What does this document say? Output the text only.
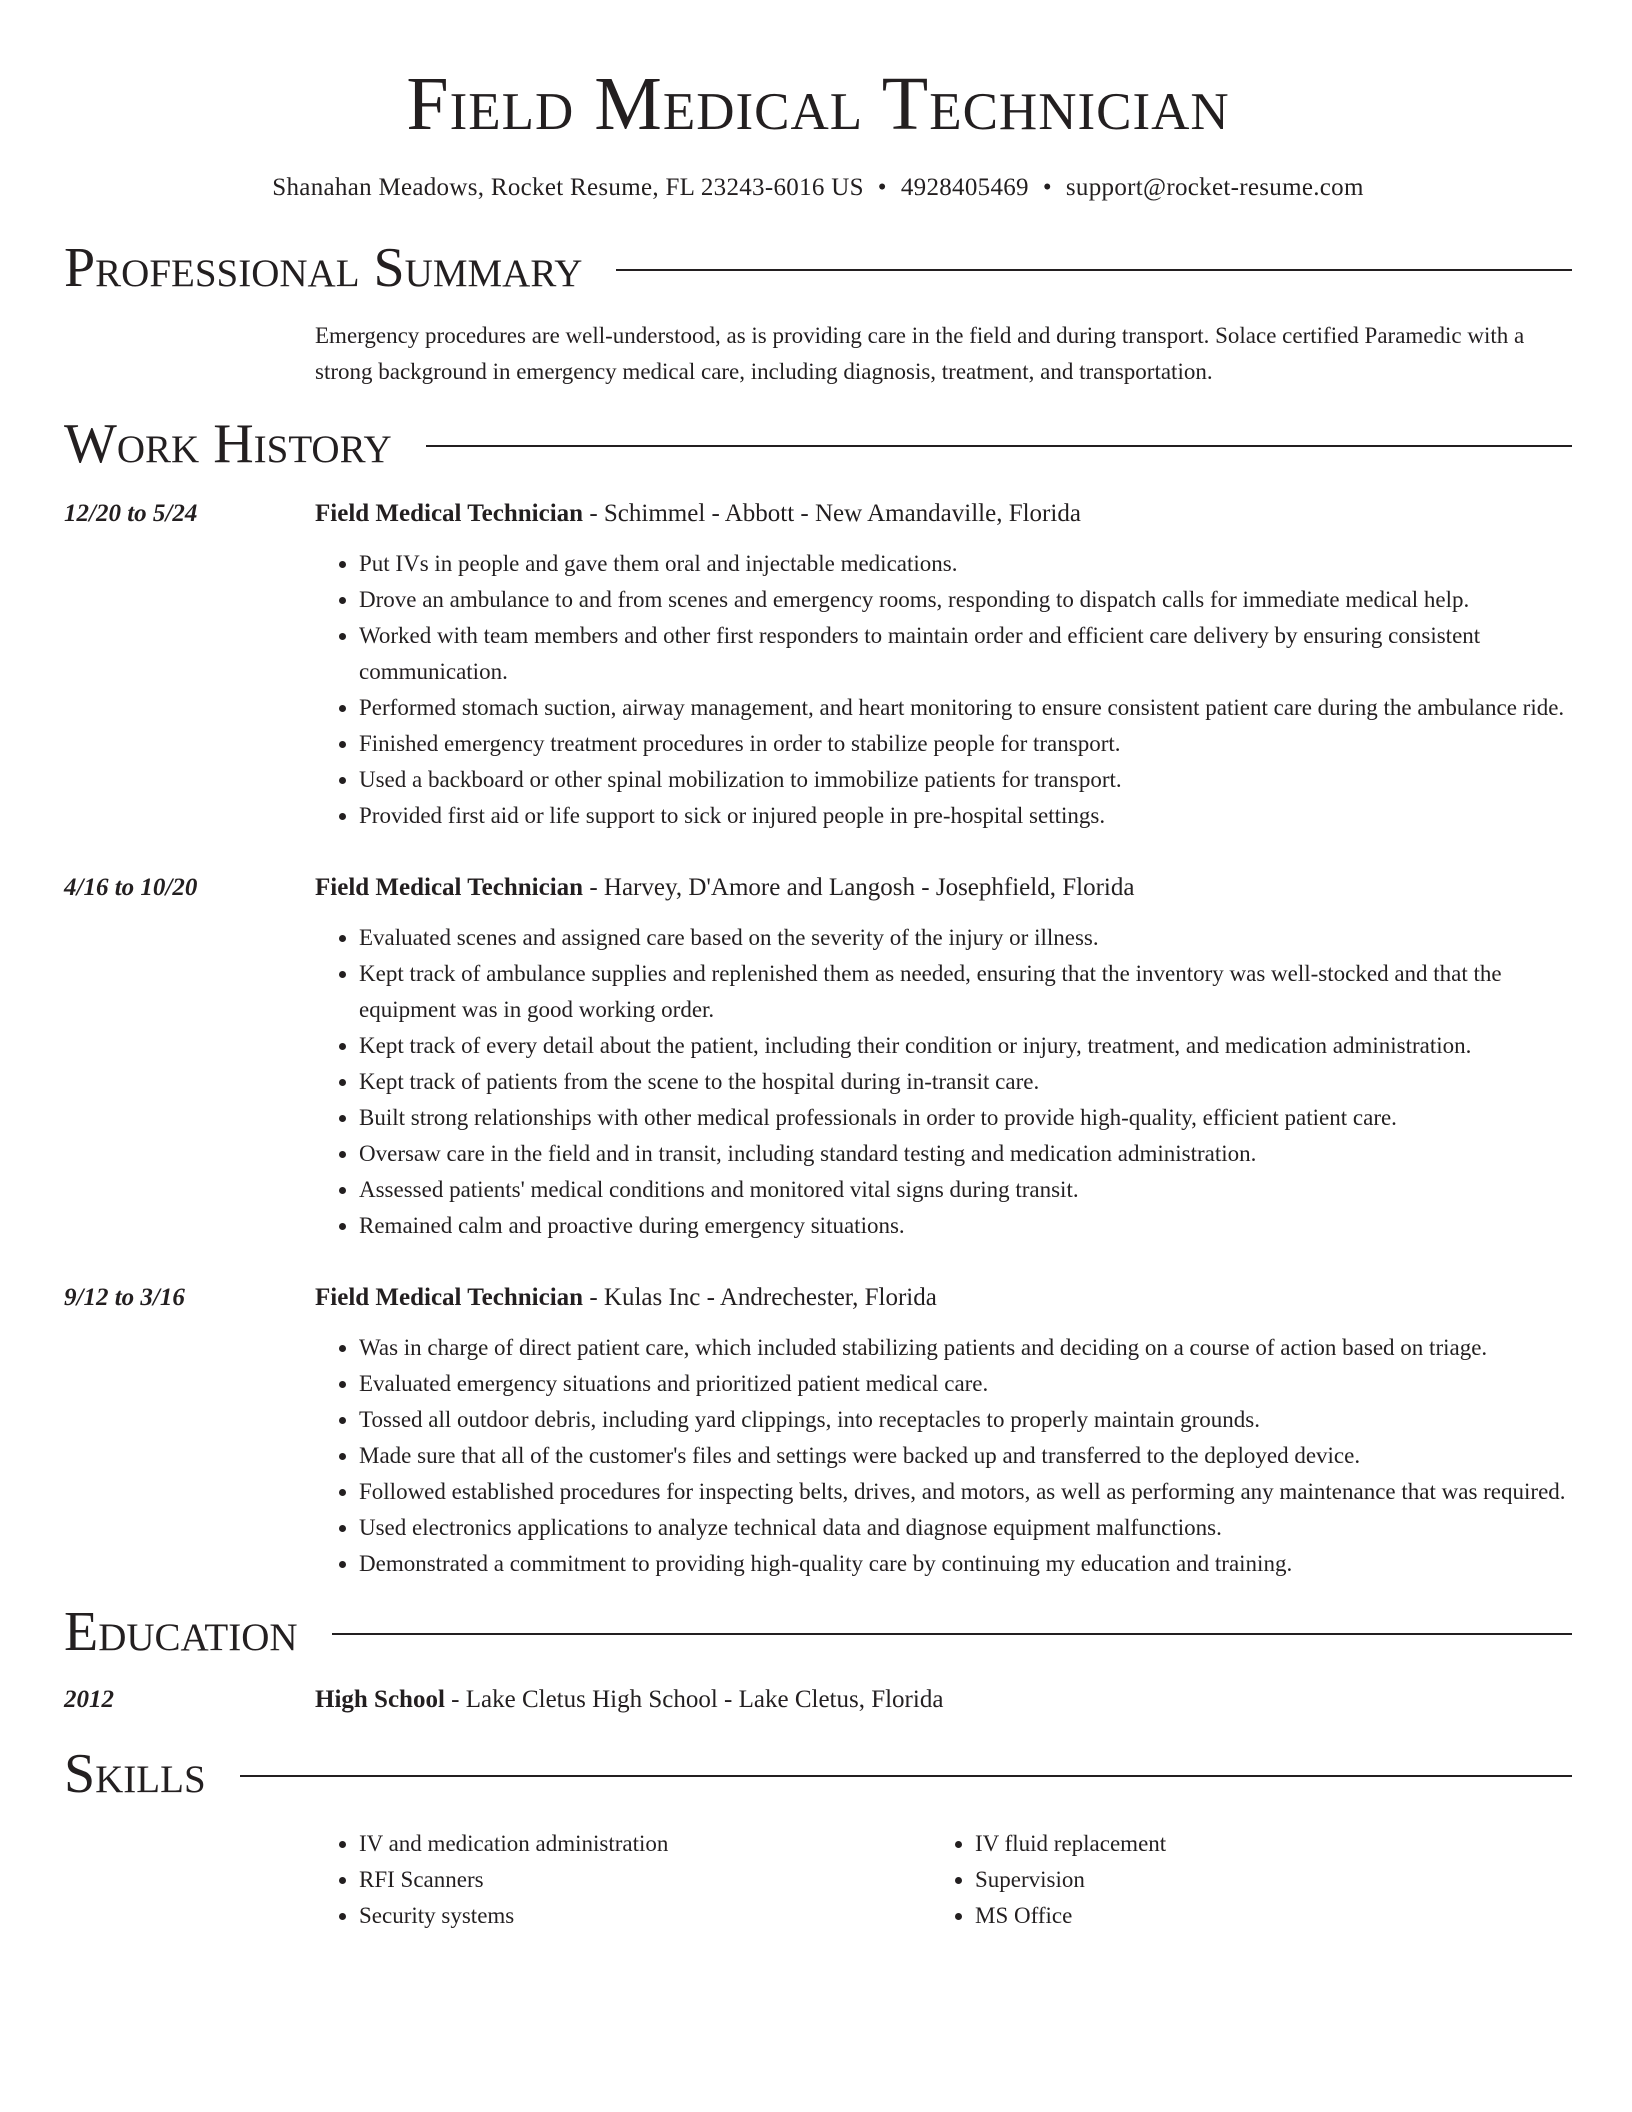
Field Medical Technician
Shanahan Meadows, Rocket Resume, FL 23243-6016 US • 4928405469 • support@rocket-resume.com
Professional Summary
Emergency procedures are well-understood, as is providing care in the field and during transport. Solace certified Paramedic with a strong background in emergency medical care, including diagnosis, treatment, and transportation.
Work History
12/20 to 5/24	Field Medical Technician - Schimmel - Abbott - New Amandaville, Florida
• Put IVs in people and gave them oral and injectable medications.
• Drove an ambulance to and from scenes and emergency rooms, responding to dispatch calls for immediate medical help.
• Worked with team members and other first responders to maintain order and efficient care delivery by ensuring consistent communication.
• Performed stomach suction, airway management, and heart monitoring to ensure consistent patient care during the ambulance ride.
• Finished emergency treatment procedures in order to stabilize people for transport.
• Used a backboard or other spinal mobilization to immobilize patients for transport.
• Provided first aid or life support to sick or injured people in pre-hospital settings.
4/16 to 10/20	Field Medical Technician - Harvey, D'Amore and Langosh - Josephfield, Florida
• Evaluated scenes and assigned care based on the severity of the injury or illness.
• Kept track of ambulance supplies and replenished them as needed, ensuring that the inventory was well-stocked and that the equipment was in good working order.
• Kept track of every detail about the patient, including their condition or injury, treatment, and medication administration.
• Kept track of patients from the scene to the hospital during in-transit care.
• Built strong relationships with other medical professionals in order to provide high-quality, efficient patient care.
• Oversaw care in the field and in transit, including standard testing and medication administration.
• Assessed patients' medical conditions and monitored vital signs during transit.
• Remained calm and proactive during emergency situations.
9/12 to 3/16	Field Medical Technician - Kulas Inc - Andrechester, Florida
• Was in charge of direct patient care, which included stabilizing patients and deciding on a course of action based on triage.
• Evaluated emergency situations and prioritized patient medical care.
• Tossed all outdoor debris, including yard clippings, into receptacles to properly maintain grounds.
• Made sure that all of the customer's files and settings were backed up and transferred to the deployed device.
• Followed established procedures for inspecting belts, drives, and motors, as well as performing any maintenance that was required.
• Used electronics applications to analyze technical data and diagnose equipment malfunctions.
• Demonstrated a commitment to providing high-quality care by continuing my education and training.
Education
2012	High School - Lake Cletus High School - Lake Cletus, Florida
Skills
• IV and medication administration
• RFI Scanners
• Security systems
• IV fluid replacement
• Supervision
• MS Office
